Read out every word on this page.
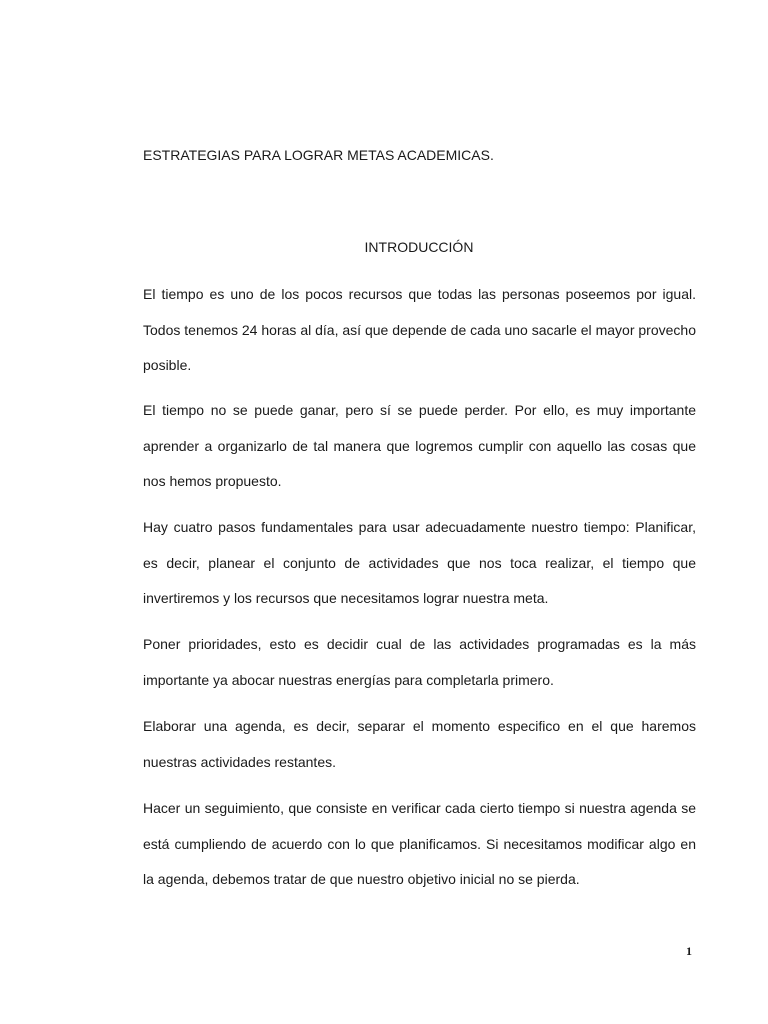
ESTRATEGIAS PARA LOGRAR METAS ACADEMICAS.
INTRODUCCIÓN

El tiempo es uno de los pocos recursos que todas las personas poseemos por igual. Todos tenemos 24 horas al día, así que depende de cada uno sacarle el mayor provecho posible.

El tiempo no se puede ganar, pero sí se puede perder. Por ello, es muy importante aprender a organizarlo de tal manera que logremos cumplir con aquello las cosas que nos hemos propuesto.

Hay cuatro pasos fundamentales para usar adecuadamente nuestro tiempo: Planificar, es decir, planear el conjunto de actividades que nos toca realizar, el tiempo que invertiremos y los recursos que necesitamos lograr nuestra meta.

Poner prioridades, esto es decidir cual de las actividades programadas es la más importante ya abocar nuestras energías para completarla primero.

Elaborar una agenda, es decir, separar el momento especifico en el que haremos nuestras actividades restantes.

Hacer un seguimiento, que consiste en verificar cada cierto tiempo si nuestra agenda se está cumpliendo de acuerdo con lo que planificamos. Si necesitamos modificar algo en la agenda, debemos tratar de que nuestro objetivo inicial no se pierda.

1
